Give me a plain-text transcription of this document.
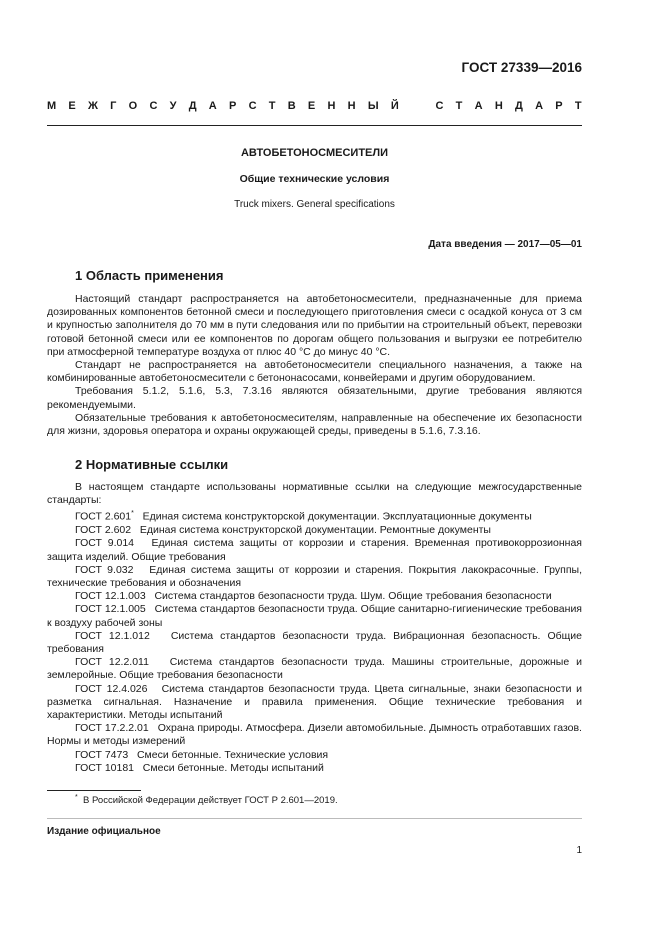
ГОСТ 27339—2016
М Е Ж Г О С У Д А Р С Т В Е Н Н Ы Й	С Т А Н Д А Р Т
АВТОБЕТОНОСМЕСИТЕЛИ
Общие технические условия
Truck mixers. General specifications
Дата введения — 2017—05—01
1 Область применения

Настоящий стандарт распространяется на автобетоносмесители, предназначенные для приема дозированных компонентов бетонной смеси и последующего приготовления смеси с осадкой конуса от 3 см и крупностью заполнителя до 70 мм в пути следования или по прибытии на строительный объект, перевозки готовой бетонной смеси или ее компонентов по дорогам общего пользования и выгрузки ее потребителю при атмосферной температуре воздуха от плюс 40 °С до минус 40 °С.

Стандарт не распространяется на автобетоносмесители специального назначения, а также на комбинированные автобетоносмесители с бетононасосами, конвейерами и другим оборудованием.

Требования 5.1.2, 5.1.6, 5.3, 7.3.16 являются обязательными, другие требования являются рекомендуемыми.

Обязательные требования к автобетоносмесителям, направленные на обеспечение их безопасности для жизни, здоровья оператора и охраны окружающей среды, приведены в 5.1.6, 7.3.16.

2 Нормативные ссылки

В настоящем стандарте использованы нормативные ссылки на следующие межгосударственные стандарты:

ГОСТ 2.601* Единая система конструкторской документации. Эксплуатационные документы

ГОСТ 2.602 Единая система конструкторской документации. Ремонтные документы

ГОСТ 9.014 Единая система защиты от коррозии и старения. Временная противокоррозионная защита изделий. Общие требования

ГОСТ 9.032 Единая система защиты от коррозии и старения. Покрытия лакокрасочные. Группы, технические требования и обозначения

ГОСТ 12.1.003 Система стандартов безопасности труда. Шум. Общие требования безопасности

ГОСТ 12.1.005 Система стандартов безопасности труда. Общие санитарно-гигиенические требования к воздуху рабочей зоны

ГОСТ 12.1.012 Система стандартов безопасности труда. Вибрационная безопасность. Общие требования

ГОСТ 12.2.011 Система стандартов безопасности труда. Машины строительные, дорожные и землеройные. Общие требования безопасности

ГОСТ 12.4.026 Система стандартов безопасности труда. Цвета сигнальные, знаки безопасности и разметка сигнальная. Назначение и правила применения. Общие технические требования и характеристики. Методы испытаний

ГОСТ 17.2.2.01 Охрана природы. Атмосфера. Дизели автомобильные. Дымность отработавших газов. Нормы и методы измерений

ГОСТ 7473 Смеси бетонные. Технические условия

ГОСТ 10181 Смеси бетонные. Методы испытаний

* В Российской Федерации действует ГОСТ Р 2.601—2019.
Издание официальное
1
